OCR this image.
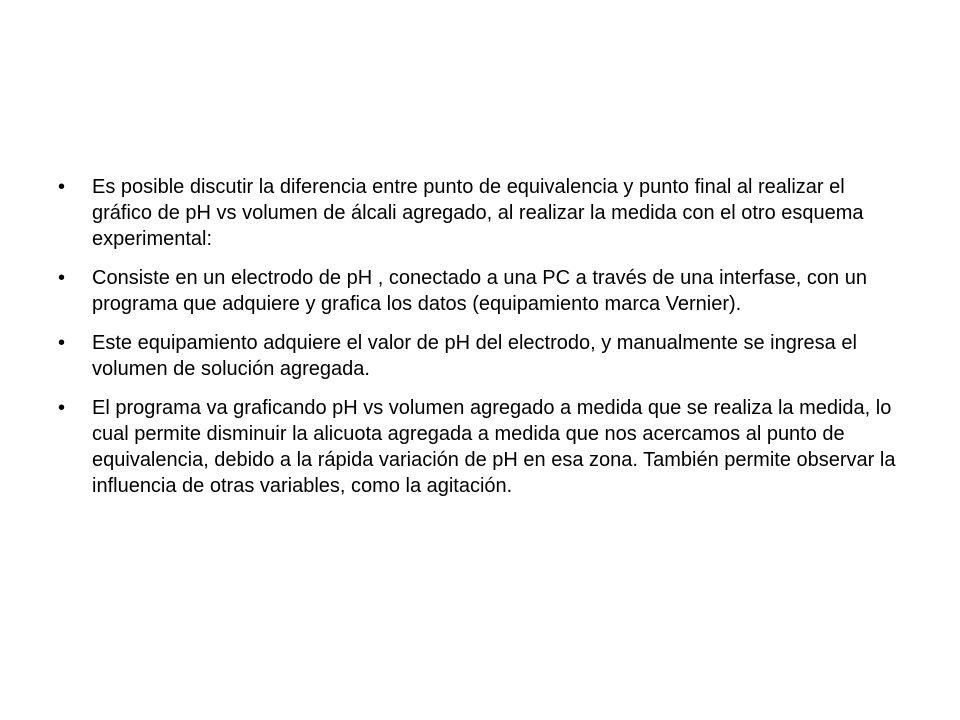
•	Es posible discutir la diferencia entre punto de equivalencia y punto final al realizar el gráfico de pH vs volumen de álcali agregado, al realizar la medida con el otro esquema experimental:
•	Consiste en un electrodo de pH , conectado a una PC a través de una interfase, con un programa que adquiere y grafica los datos (equipamiento marca Vernier).
•	Este equipamiento adquiere el valor de pH del electrodo, y manualmente se ingresa el volumen de solución agregada.
•	El programa va graficando pH vs volumen agregado a medida que se realiza la medida, lo cual permite disminuir la alicuota agregada a medida que nos acercamos al punto de equivalencia, debido a la rápida variación de pH en esa zona. También permite observar la influencia de otras variables, como la agitación.
